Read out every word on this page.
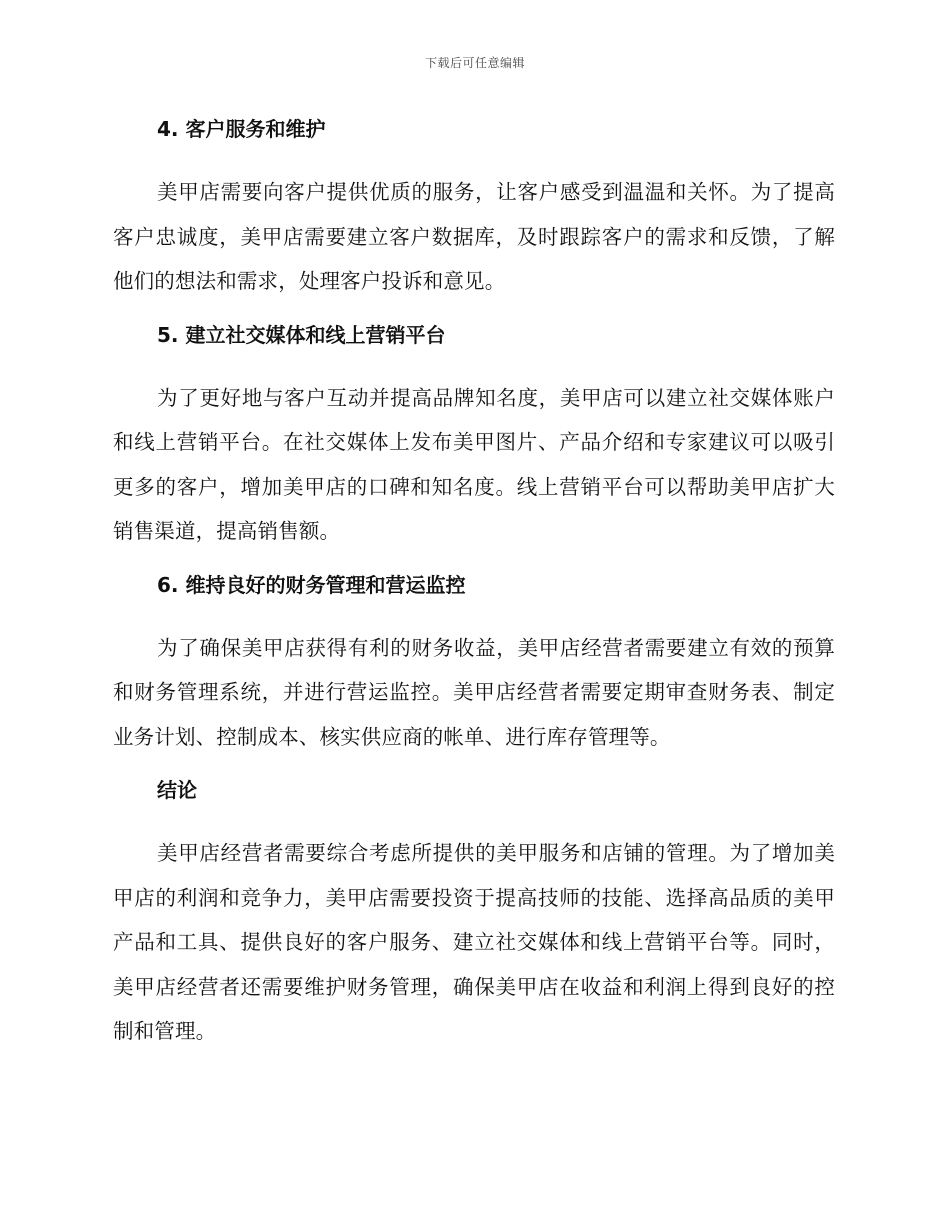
下载后可任意编辑
4. 客户服务和维护

美甲店需要向客户提供优质的服务，让客户感受到温温和关怀。为了提高客户忠诚度，美甲店需要建立客户数据库，及时跟踪客户的需求和反馈，了解他们的想法和需求，处理客户投诉和意见。

5. 建立社交媒体和线上营销平台

为了更好地与客户互动并提高品牌知名度，美甲店可以建立社交媒体账户和线上营销平台。在社交媒体上发布美甲图片、产品介绍和专家建议可以吸引更多的客户，增加美甲店的口碑和知名度。线上营销平台可以帮助美甲店扩大销售渠道，提高销售额。

6. 维持良好的财务管理和营运监控

为了确保美甲店获得有利的财务收益，美甲店经营者需要建立有效的预算和财务管理系统，并进行营运监控。美甲店经营者需要定期审查财务表、制定业务计划、控制成本、核实供应商的帐单、进行库存管理等。

结论

美甲店经营者需要综合考虑所提供的美甲服务和店铺的管理。为了增加美甲店的利润和竞争力，美甲店需要投资于提高技师的技能、选择高品质的美甲产品和工具、提供良好的客户服务、建立社交媒体和线上营销平台等。同时，美甲店经营者还需要维护财务管理，确保美甲店在收益和利润上得到良好的控制和管理。
